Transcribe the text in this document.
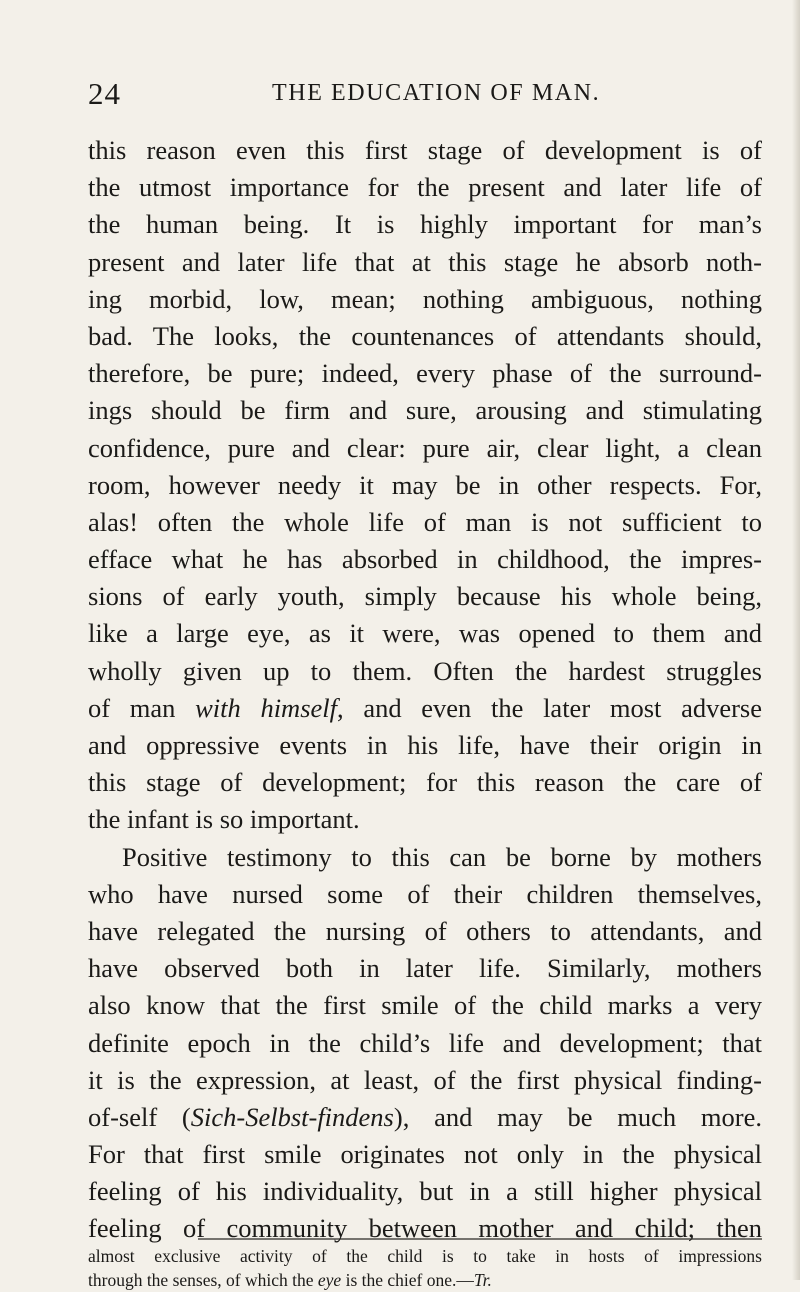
24	THE EDUCATION OF MAN.
this reason even this first stage of development is of
the utmost importance for the present and later life of
the human being. It is highly important for man’s
present and later life that at this stage he absorb noth-
ing morbid, low, mean; nothing ambiguous, nothing
bad. The looks, the countenances of attendants should,
therefore, be pure; indeed, every phase of the surround-
ings should be firm and sure, arousing and stimulating
confidence, pure and clear: pure air, clear light, a clean
room, however needy it may be in other respects. For,
alas! often the whole life of man is not sufficient to
efface what he has absorbed in childhood, the impres-
sions of early youth, simply because his whole being,
like a large eye, as it were, was opened to them and
wholly given up to them. Often the hardest struggles
of man with himself, and even the later most adverse
and oppressive events in his life, have their origin in
this stage of development; for this reason the care of
the infant is so important.
Positive testimony to this can be borne by mothers
who have nursed some of their children themselves,
have relegated the nursing of others to attendants, and
have observed both in later life. Similarly, mothers
also know that the first smile of the child marks a very
definite epoch in the child’s life and development; that
it is the expression, at least, of the first physical finding-
of-self (Sich-Selbst-findens), and may be much more.
For that first smile originates not only in the physical
feeling of his individuality, but in a still higher physical
feeling of community between mother and child; then
almost exclusive activity of the child is to take in hosts of impressions
through the senses, of which the eye is the chief one.—Tr.
